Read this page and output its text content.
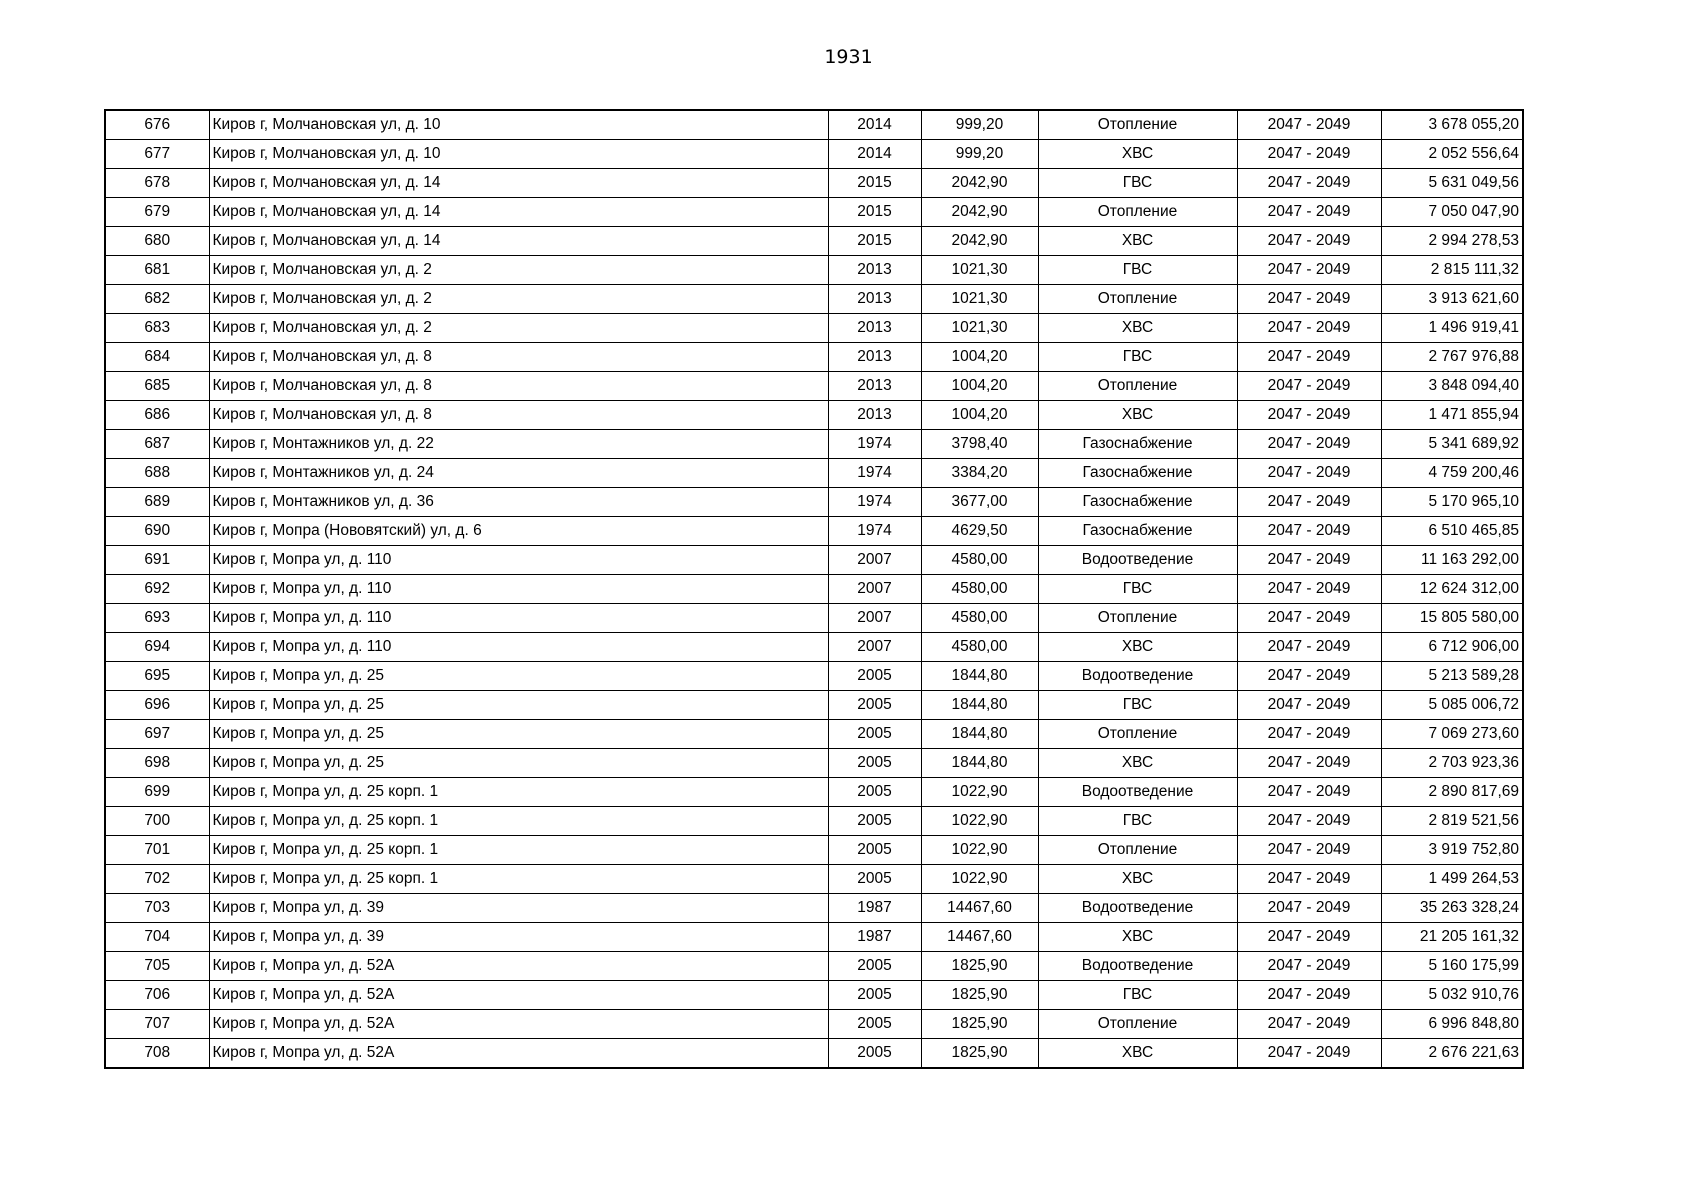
1931
676	Киров г, Молчановская ул, д. 10	2014	999,20	Отопление	2047 - 2049	3 678 055,20
677	Киров г, Молчановская ул, д. 10	2014	999,20	ХВС	2047 - 2049	2 052 556,64
678	Киров г, Молчановская ул, д. 14	2015	2042,90	ГВС	2047 - 2049	5 631 049,56
679	Киров г, Молчановская ул, д. 14	2015	2042,90	Отопление	2047 - 2049	7 050 047,90
680	Киров г, Молчановская ул, д. 14	2015	2042,90	ХВС	2047 - 2049	2 994 278,53
681	Киров г, Молчановская ул, д. 2	2013	1021,30	ГВС	2047 - 2049	2 815 111,32
682	Киров г, Молчановская ул, д. 2	2013	1021,30	Отопление	2047 - 2049	3 913 621,60
683	Киров г, Молчановская ул, д. 2	2013	1021,30	ХВС	2047 - 2049	1 496 919,41
684	Киров г, Молчановская ул, д. 8	2013	1004,20	ГВС	2047 - 2049	2 767 976,88
685	Киров г, Молчановская ул, д. 8	2013	1004,20	Отопление	2047 - 2049	3 848 094,40
686	Киров г, Молчановская ул, д. 8	2013	1004,20	ХВС	2047 - 2049	1 471 855,94
687	Киров г, Монтажников ул, д. 22	1974	3798,40	Газоснабжение	2047 - 2049	5 341 689,92
688	Киров г, Монтажников ул, д. 24	1974	3384,20	Газоснабжение	2047 - 2049	4 759 200,46
689	Киров г, Монтажников ул, д. 36	1974	3677,00	Газоснабжение	2047 - 2049	5 170 965,10
690	Киров г, Мопра (Нововятский) ул, д. 6	1974	4629,50	Газоснабжение	2047 - 2049	6 510 465,85
691	Киров г, Мопра ул, д. 110	2007	4580,00	Водоотведение	2047 - 2049	11 163 292,00
692	Киров г, Мопра ул, д. 110	2007	4580,00	ГВС	2047 - 2049	12 624 312,00
693	Киров г, Мопра ул, д. 110	2007	4580,00	Отопление	2047 - 2049	15 805 580,00
694	Киров г, Мопра ул, д. 110	2007	4580,00	ХВС	2047 - 2049	6 712 906,00
695	Киров г, Мопра ул, д. 25	2005	1844,80	Водоотведение	2047 - 2049	5 213 589,28
696	Киров г, Мопра ул, д. 25	2005	1844,80	ГВС	2047 - 2049	5 085 006,72
697	Киров г, Мопра ул, д. 25	2005	1844,80	Отопление	2047 - 2049	7 069 273,60
698	Киров г, Мопра ул, д. 25	2005	1844,80	ХВС	2047 - 2049	2 703 923,36
699	Киров г, Мопра ул, д. 25 корп. 1	2005	1022,90	Водоотведение	2047 - 2049	2 890 817,69
700	Киров г, Мопра ул, д. 25 корп. 1	2005	1022,90	ГВС	2047 - 2049	2 819 521,56
701	Киров г, Мопра ул, д. 25 корп. 1	2005	1022,90	Отопление	2047 - 2049	3 919 752,80
702	Киров г, Мопра ул, д. 25 корп. 1	2005	1022,90	ХВС	2047 - 2049	1 499 264,53
703	Киров г, Мопра ул, д. 39	1987	14467,60	Водоотведение	2047 - 2049	35 263 328,24
704	Киров г, Мопра ул, д. 39	1987	14467,60	ХВС	2047 - 2049	21 205 161,32
705	Киров г, Мопра ул, д. 52А	2005	1825,90	Водоотведение	2047 - 2049	5 160 175,99
706	Киров г, Мопра ул, д. 52А	2005	1825,90	ГВС	2047 - 2049	5 032 910,76
707	Киров г, Мопра ул, д. 52А	2005	1825,90	Отопление	2047 - 2049	6 996 848,80
708	Киров г, Мопра ул, д. 52А	2005	1825,90	ХВС	2047 - 2049	2 676 221,63
